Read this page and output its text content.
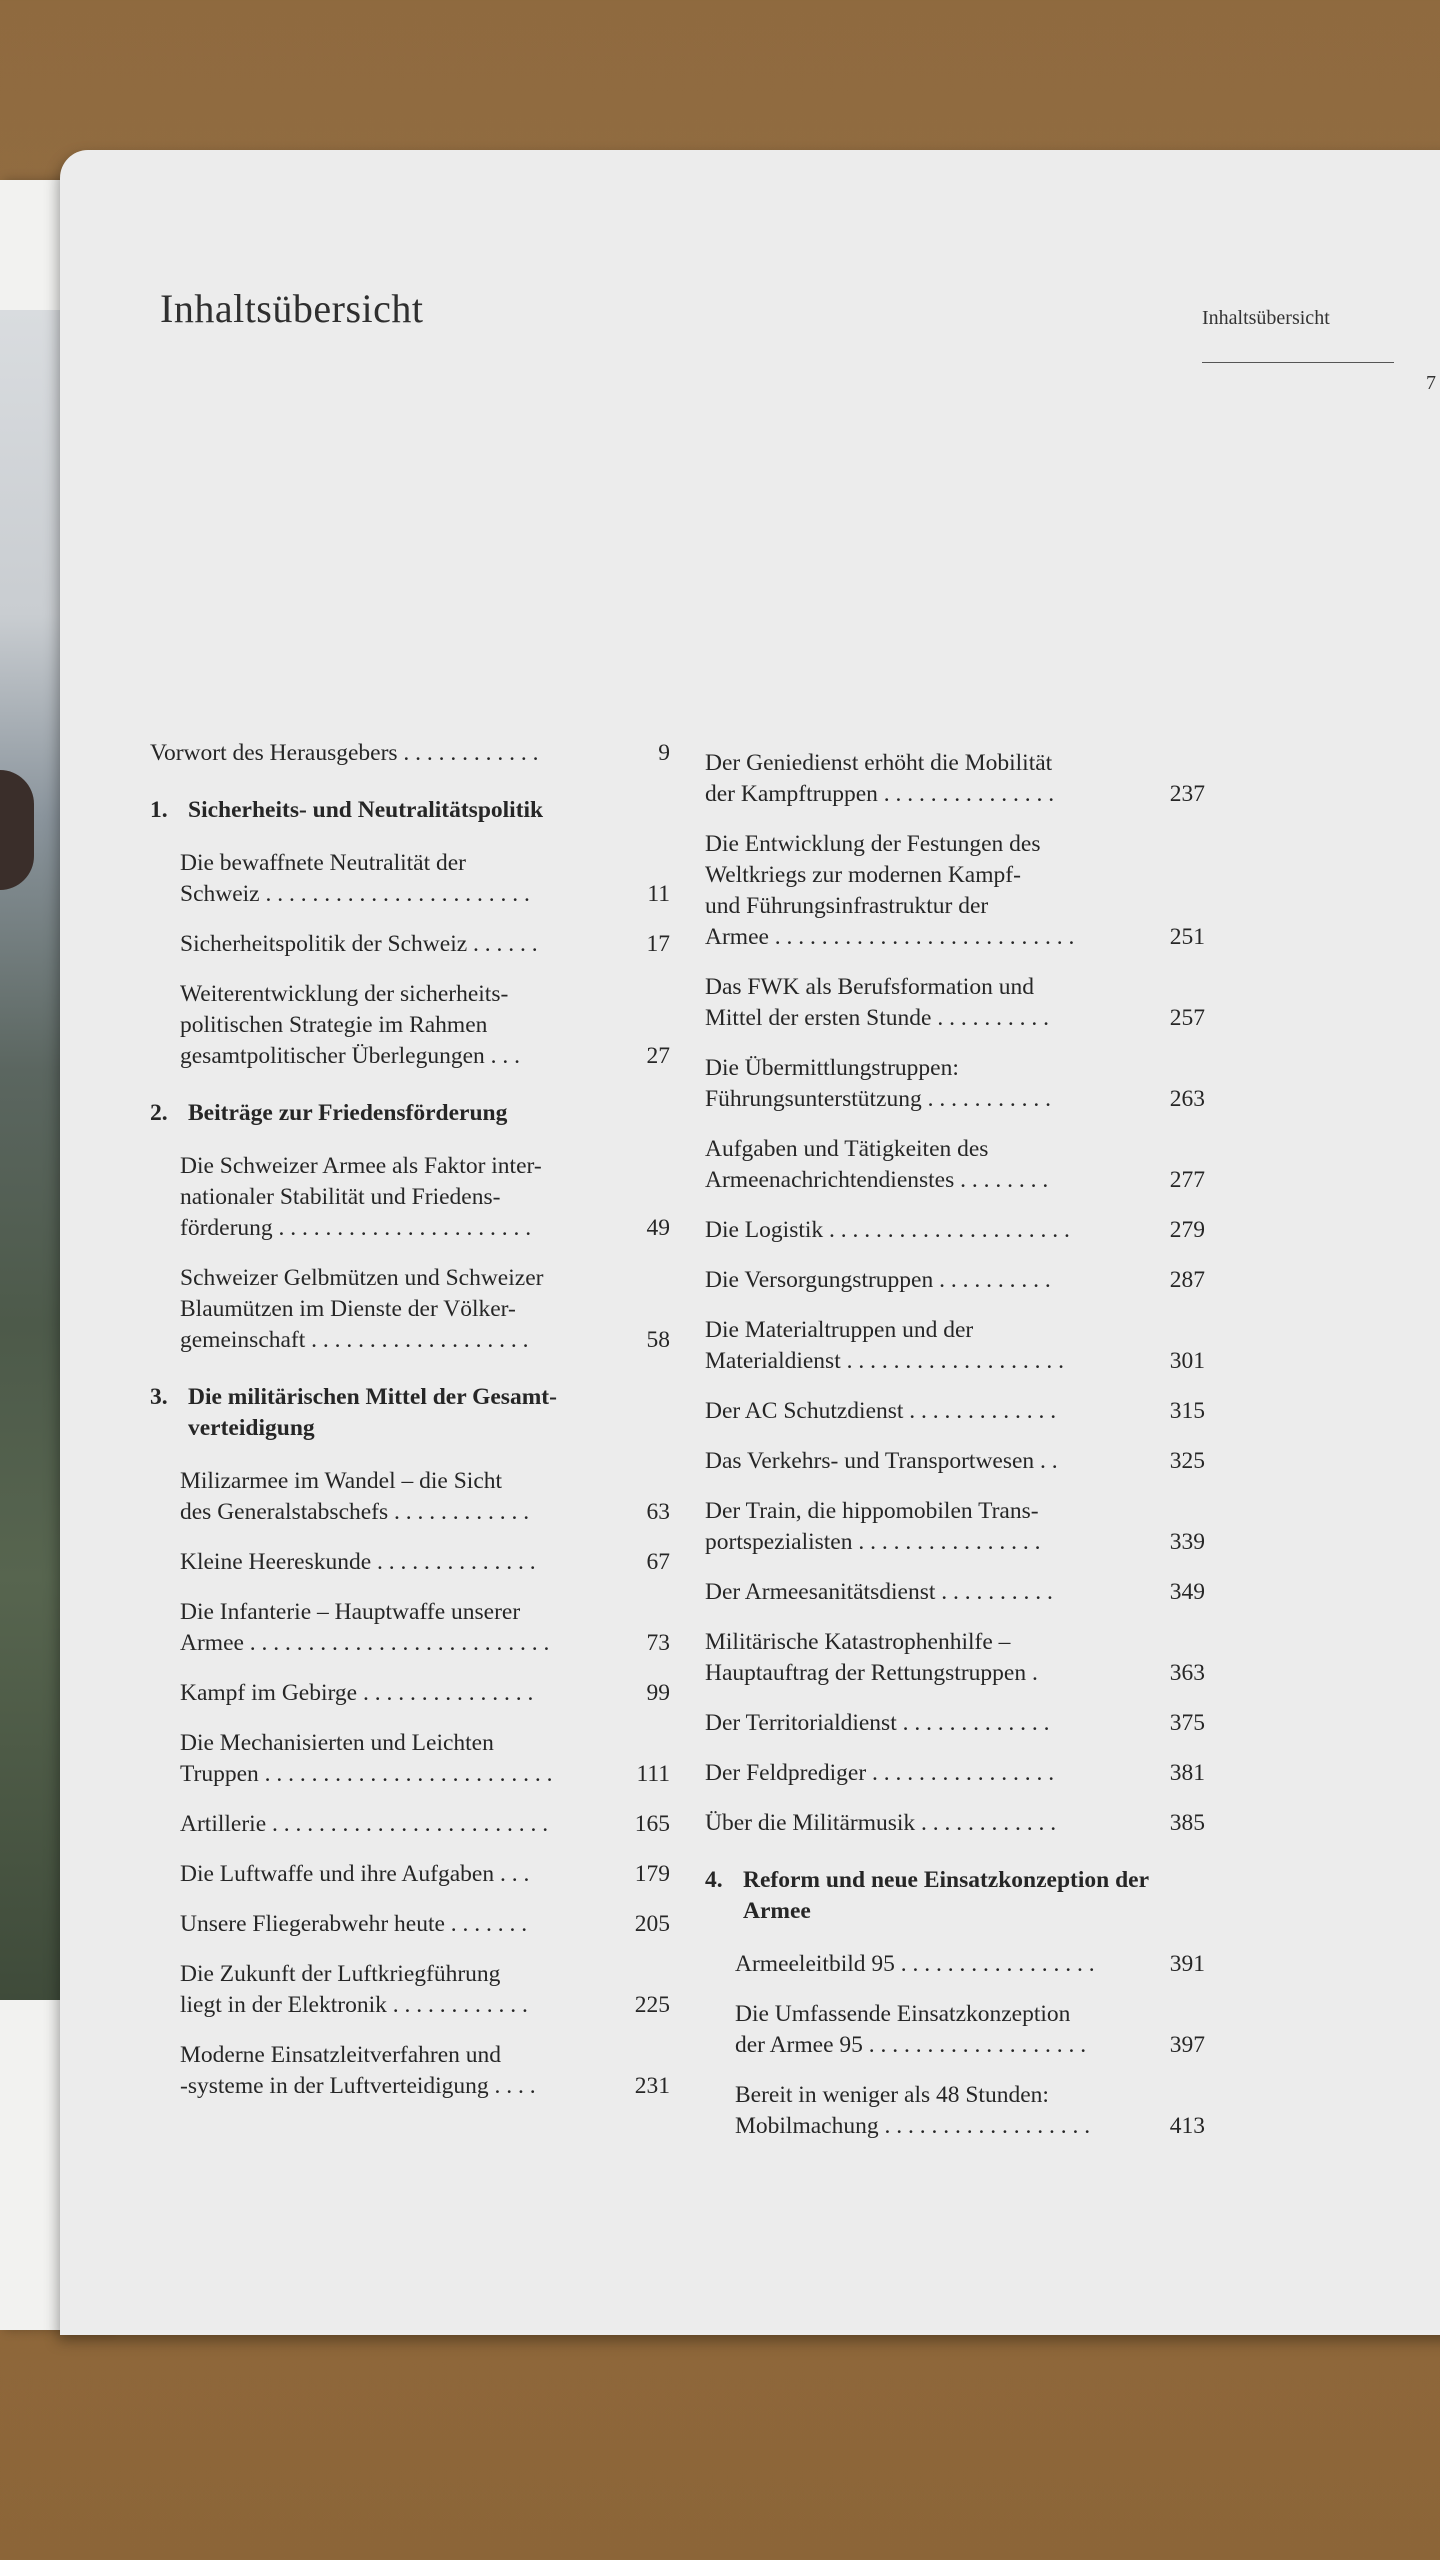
Inhaltsübersicht	Inhaltsübersicht
7
Vorwort des Herausgebers . . . . . . . . . . . .	9
1. Sicherheits- und Neutralitätspolitik
Die bewaffnete Neutralität der
Schweiz . . . . . . . . . . . . . . . . . . . . . . .	11
Sicherheitspolitik der Schweiz . . . . . .	17
Weiterentwicklung der sicherheits-
politischen Strategie im Rahmen
gesamtpolitischer Überlegungen . . .	27
2. Beiträge zur Friedensförderung
Die Schweizer Armee als Faktor inter-
nationaler Stabilität und Friedens-
förderung . . . . . . . . . . . . . . . . . . . . . .	49
Schweizer Gelbmützen und Schweizer
Blaumützen im Dienste der Völker-
gemeinschaft . . . . . . . . . . . . . . . . . . .	58
3. Die militärischen Mittel der Gesamt-verteidigung
Milizarmee im Wandel – die Sicht
des Generalstabschefs . . . . . . . . . . . .	63
Kleine Heereskunde . . . . . . . . . . . . . .	67
Die Infanterie – Hauptwaffe unserer
Armee . . . . . . . . . . . . . . . . . . . . . . . . . .	73
Kampf im Gebirge . . . . . . . . . . . . . . .	99
Die Mechanisierten und Leichten
Truppen . . . . . . . . . . . . . . . . . . . . . . . . .	111
Artillerie . . . . . . . . . . . . . . . . . . . . . . . .	165
Die Luftwaffe und ihre Aufgaben . . .	179
Unsere Fliegerabwehr heute . . . . . . .	205
Die Zukunft der Luftkriegführung
liegt in der Elektronik . . . . . . . . . . . .	225
Moderne Einsatzleitverfahren und
-systeme in der Luftverteidigung . . . .	231
Der Geniedienst erhöht die Mobilität
der Kampftruppen . . . . . . . . . . . . . . .	237
Die Entwicklung der Festungen des
Weltkriegs zur modernen Kampf-
und Führungsinfrastruktur der
Armee . . . . . . . . . . . . . . . . . . . . . . . . . .	251
Das FWK als Berufsformation und
Mittel der ersten Stunde . . . . . . . . . .	257
Die Übermittlungstruppen:
Führungsunterstützung . . . . . . . . . . .	263
Aufgaben und Tätigkeiten des
Armeenachrichtendienstes . . . . . . . .	277
Die Logistik . . . . . . . . . . . . . . . . . . . . .	279
Die Versorgungstruppen . . . . . . . . . .	287
Die Materialtruppen und der
Materialdienst . . . . . . . . . . . . . . . . . . .	301
Der AC Schutzdienst . . . . . . . . . . . . .	315
Das Verkehrs- und Transportwesen . .	325
Der Train, die hippomobilen Trans-
portspezialisten . . . . . . . . . . . . . . . .	339
Der Armeesanitätsdienst . . . . . . . . . .	349
Militärische Katastrophenhilfe –
Hauptauftrag der Rettungstruppen .	363
Der Territorialdienst . . . . . . . . . . . . .	375
Der Feldprediger . . . . . . . . . . . . . . . .	381
Über die Militärmusik . . . . . . . . . . . .	385
4. Reform und neue Einsatzkonzeption der Armee
Armeeleitbild 95 . . . . . . . . . . . . . . . . .	391
Die Umfassende Einsatzkonzeption
der Armee 95 . . . . . . . . . . . . . . . . . . .	397
Bereit in weniger als 48 Stunden:
Mobilmachung . . . . . . . . . . . . . . . . . .	413
